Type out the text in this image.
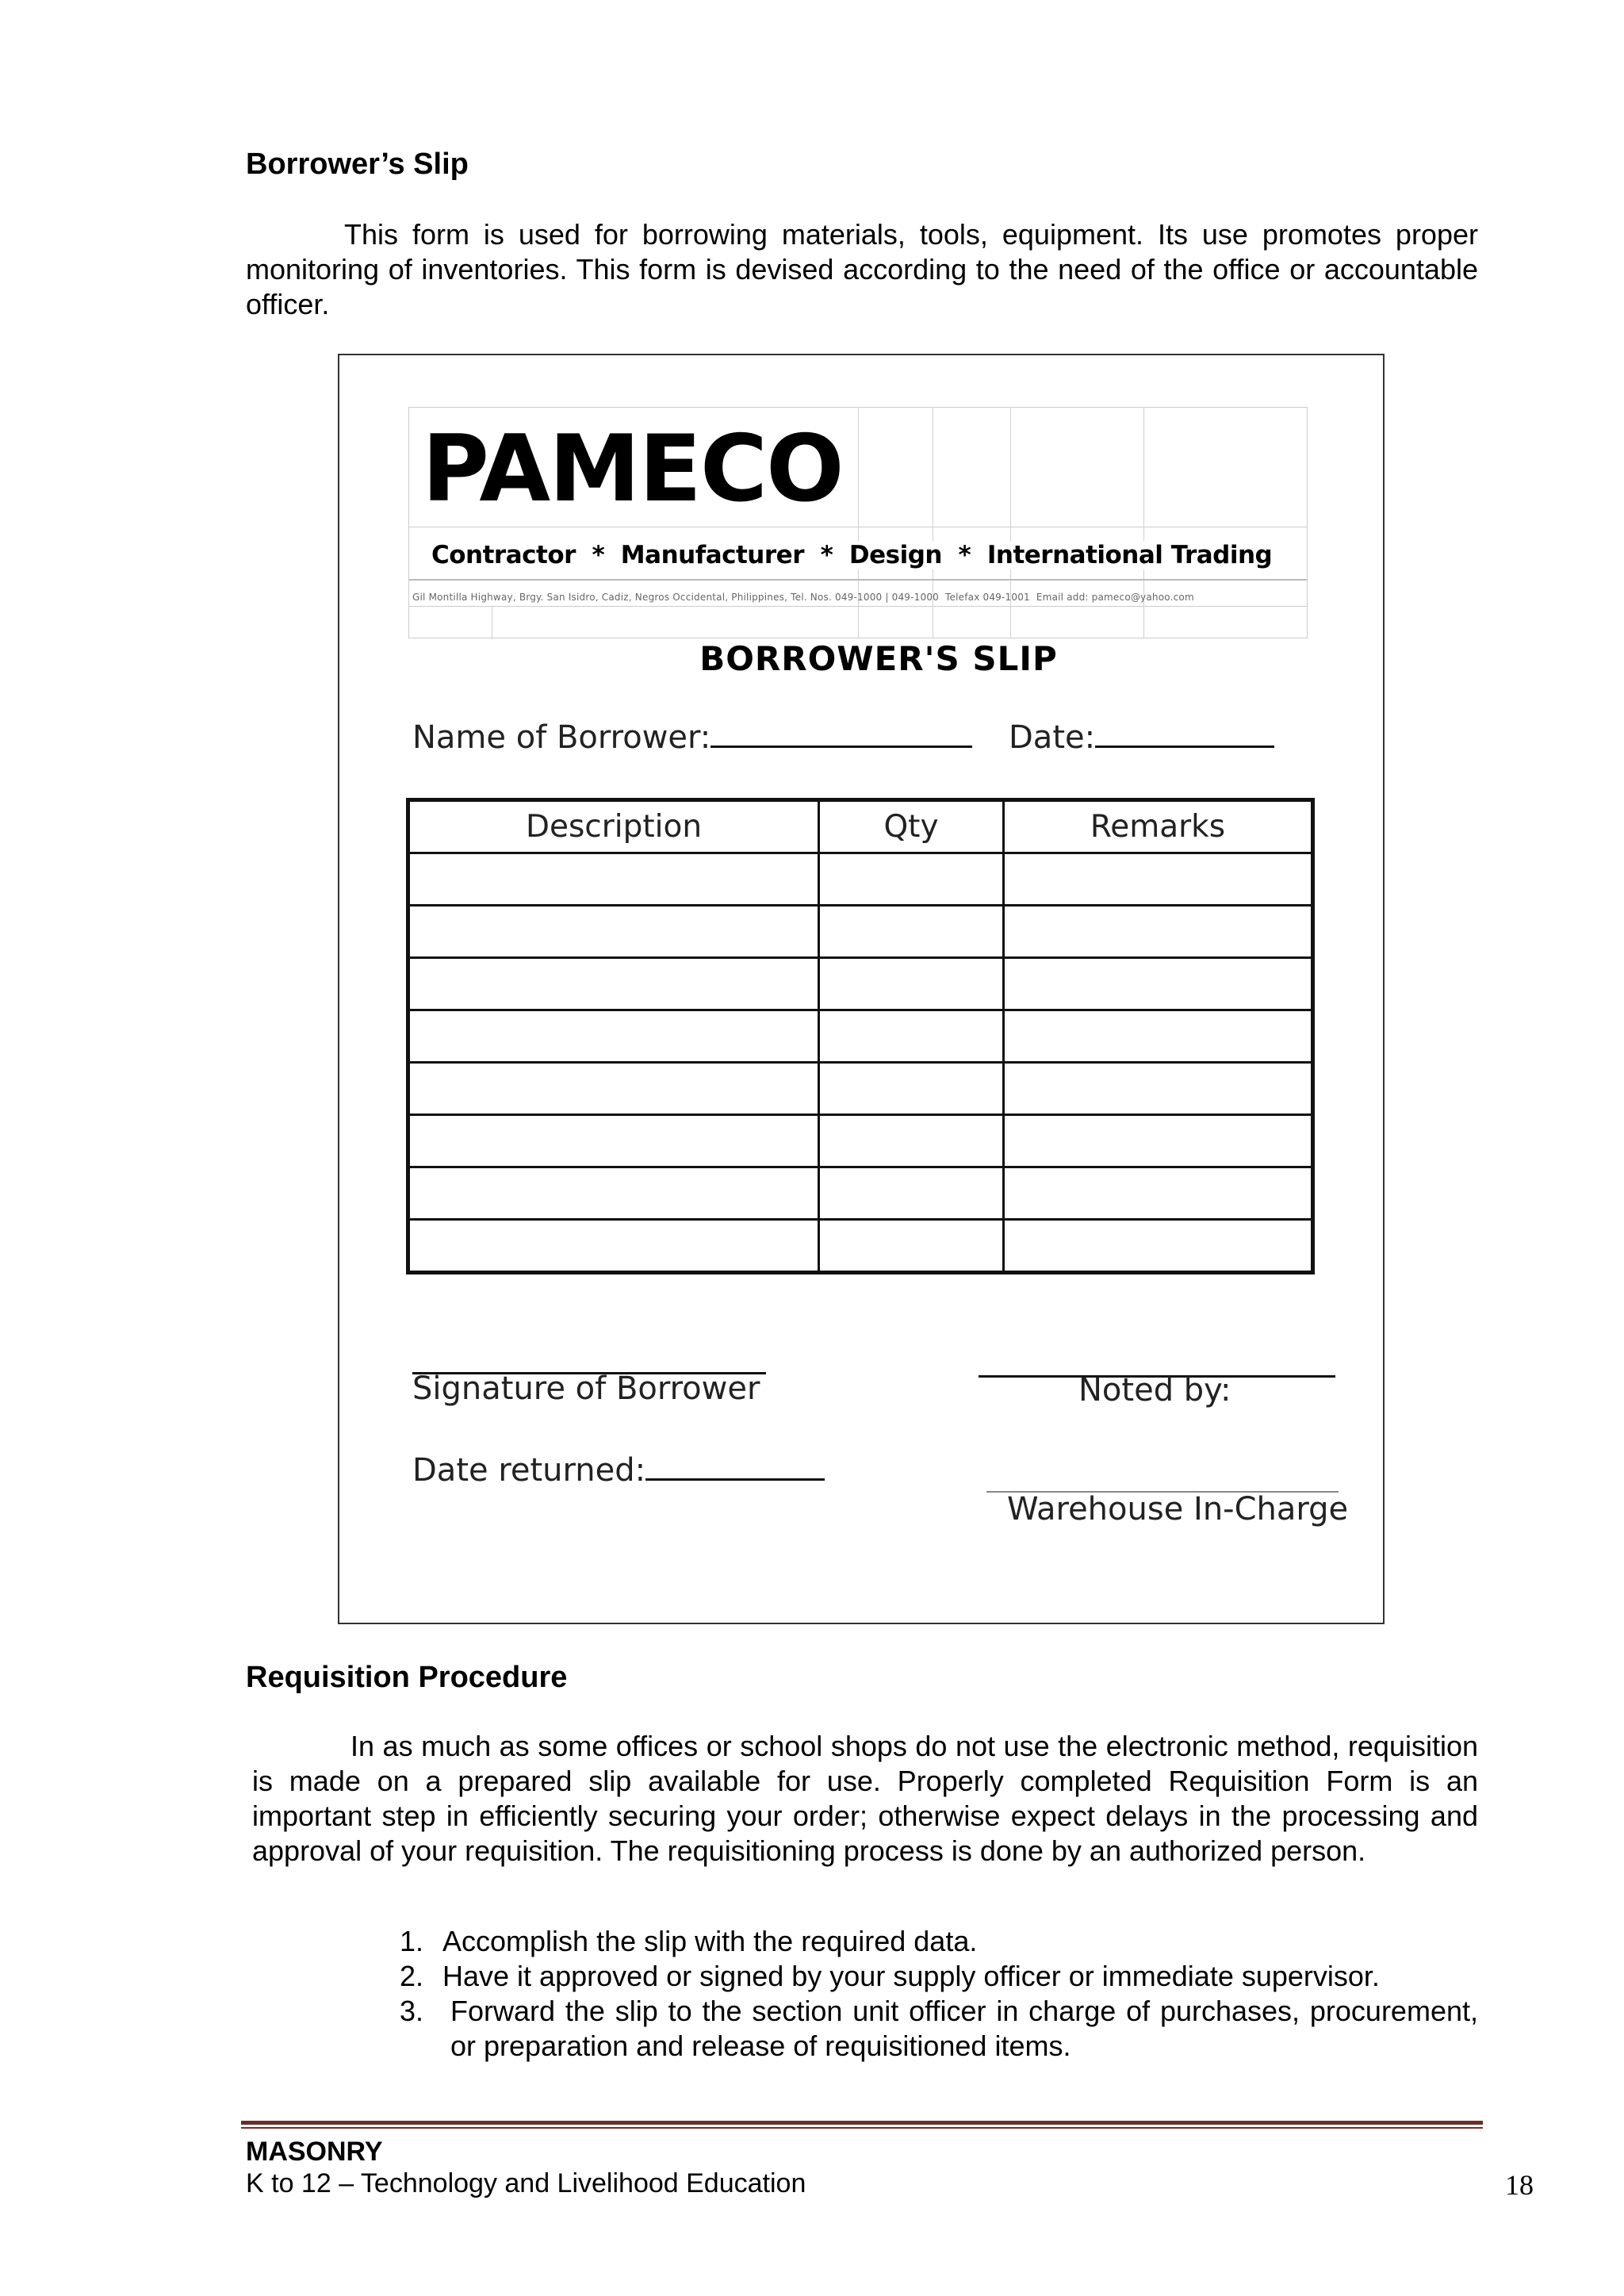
Borrower’s Slip

This form is used for borrowing materials, tools, equipment. Its use promotes proper monitoring of inventories. This form is devised according to the need of the office or accountable officer.

PAMECO
Contractor  *  Manufacturer  *  Design  *  International Trading
Gil Montilla Highway, Brgy. San Isidro, Cadiz, Negros Occidental, Philippines, Tel. Nos. 049-1000 | 049-1000  Telefax 049-1001  Email add: pameco@yahoo.com
BORROWER'S SLIP
Name of Borrower:	Date:
Description	Qty	Remarks

Signature of Borrower	Noted by:
Date returned:
Warehouse In-Charge
Requisition Procedure

In as much as some offices or school shops do not use the electronic method, requisition is made on a prepared slip available for use. Properly completed Requisition Form is an important step in efficiently securing your order; otherwise expect delays in the processing and approval of your requisition. The requisitioning process is done by an authorized person.

1. Accomplish the slip with the required data.
2. Have it approved or signed by your supply officer or immediate supervisor.
3. Forward the slip to the section unit officer in charge of purchases, procurement, or preparation and release of requisitioned items.
MASONRY
K to 12 – Technology and Livelihood Education	18
